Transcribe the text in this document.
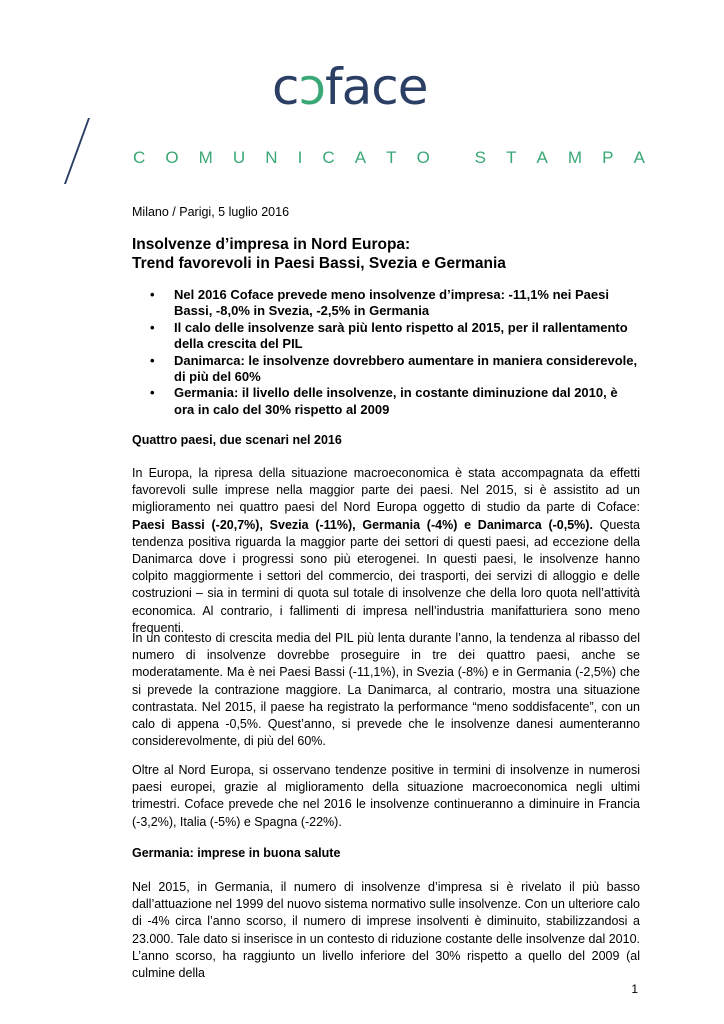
cↄface
C O M U N I C A T O
	S T A M P A
Milano / Parigi, 5 luglio 2016
Insolvenze d’impresa in Nord Europa:
Trend favorevoli in Paesi Bassi, Svezia e Germania
• Nel 2016 Coface prevede meno insolvenze d’impresa: -11,1% nei Paesi Bassi, -8,0% in Svezia, -2,5% in Germania
• Il calo delle insolvenze sarà più lento rispetto al 2015, per il rallentamento della crescita del PIL
• Danimarca: le insolvenze dovrebbero aumentare in maniera considerevole, di più del 60%
• Germania: il livello delle insolvenze, in costante diminuzione dal 2010, è ora in calo del 30% rispetto al 2009
Quattro paesi, due scenari nel 2016
In Europa, la ripresa della situazione macroeconomica è stata accompagnata da effetti favorevoli sulle imprese nella maggior parte dei paesi. Nel 2015, si è assistito ad un miglioramento nei quattro paesi del Nord Europa oggetto di studio da parte di Coface: Paesi Bassi (-20,7%), Svezia (-11%), Germania (-4%) e Danimarca (-0,5%). Questa tendenza positiva riguarda la maggior parte dei settori di questi paesi, ad eccezione della Danimarca dove i progressi sono più eterogenei. In questi paesi, le insolvenze hanno colpito maggiormente i settori del commercio, dei trasporti, dei servizi di alloggio e delle costruzioni – sia in termini di quota sul totale di insolvenze che della loro quota nell’attività economica. Al contrario, i fallimenti di impresa nell’industria manifatturiera sono meno frequenti.
In un contesto di crescita media del PIL più lenta durante l’anno, la tendenza al ribasso del numero di insolvenze dovrebbe proseguire in tre dei quattro paesi, anche se moderatamente. Ma è nei Paesi Bassi (-11,1%), in Svezia (-8%) e in Germania (-2,5%) che si prevede la contrazione maggiore. La Danimarca, al contrario, mostra una situazione contrastata. Nel 2015, il paese ha registrato la performance “meno soddisfacente”, con un calo di appena -0,5%. Quest’anno, si prevede che le insolvenze danesi aumenteranno considerevolmente, di più del 60%.
Oltre al Nord Europa, si osservano tendenze positive in termini di insolvenze in numerosi paesi europei, grazie al miglioramento della situazione macroeconomica negli ultimi trimestri. Coface prevede che nel 2016 le insolvenze continueranno a diminuire in Francia (-3,2%), Italia (-5%) e Spagna (-22%).
Germania: imprese in buona salute
Nel 2015, in Germania, il numero di insolvenze d’impresa si è rivelato il più basso dall’attuazione nel 1999 del nuovo sistema normativo sulle insolvenze. Con un ulteriore calo di -4% circa l’anno scorso, il numero di imprese insolventi è diminuito, stabilizzandosi a 23.000. Tale dato si inserisce in un contesto di riduzione costante delle insolvenze dal 2010. L’anno scorso, ha raggiunto un livello inferiore del 30% rispetto a quello del 2009 (al culmine della
1
